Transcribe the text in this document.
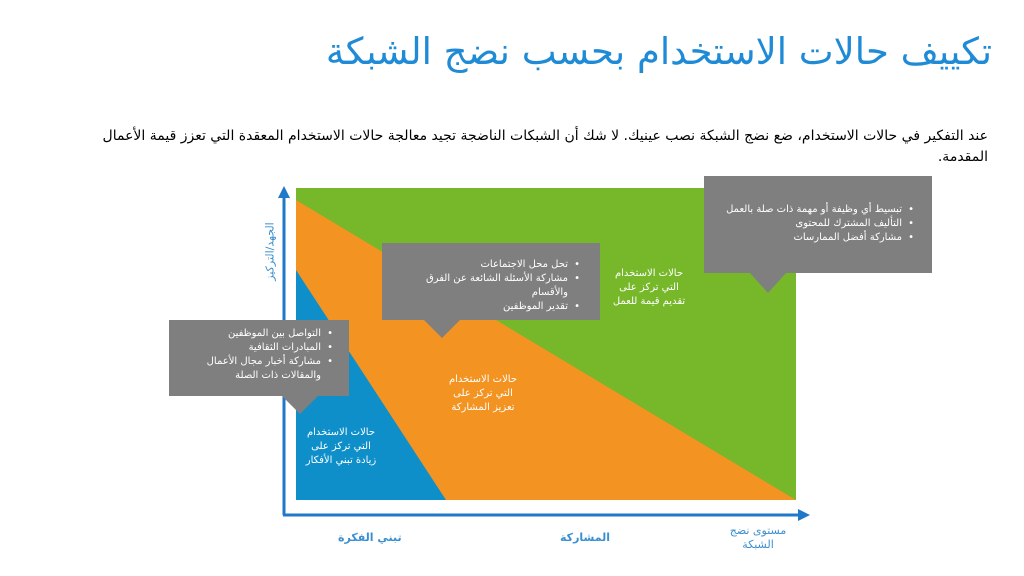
تكييف حالات الاستخدام بحسب نضج الشبكة
عند التفكير في حالات الاستخدام، ضع نضج الشبكة نصب عينيك. لا شك أن الشبكات الناضجة تجيد معالجة حالات الاستخدام المعقدة التي تعزز قيمة الأعمال المقدمة.
الجهد/التركيز
تبني الفكرة	المشاركة
مستوى نضج الشبكة
حالات الاستخدام التي تركز على زيادة تبني الأفكار
حالات الاستخدام التي تركز على تعزيز المشاركة
حالات الاستخدام التي تركز على تقديم قيمة للعمل
• التواصل بين الموظفين
• المبادرات الثقافية
• مشاركة أخبار مجال الأعمال والمقالات ذات الصلة
• تحل محل الاجتماعات
• مشاركة الأسئلة الشائعة عن الفرق والأقسام
• تقدير الموظفين
• تبسيط أي وظيفة أو مهمة ذات صلة بالعمل
• التأليف المشترك للمحتوى
• مشاركة أفضل الممارسات
